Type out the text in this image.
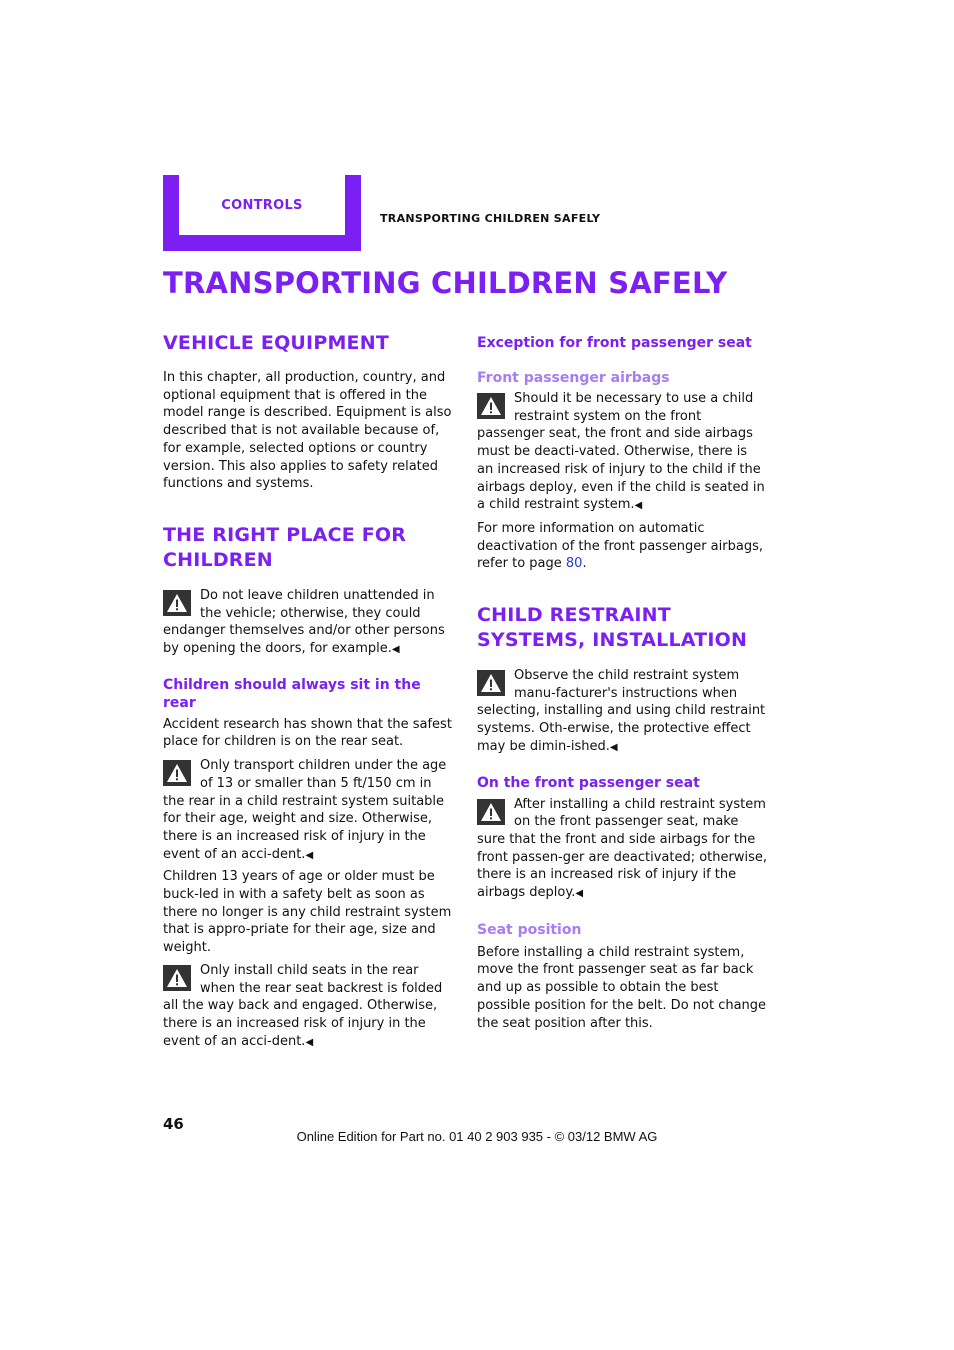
CONTROLS
TRANSPORTING CHILDREN SAFELY
TRANSPORTING CHILDREN SAFELY
VEHICLE EQUIPMENT

In this chapter, all production, country, and optional equipment that is offered in the model range is described. Equipment is also described that is not available because of, for example, selected options or country version. This also applies to safety related functions and systems.

THE RIGHT PLACE FOR CHILDREN

Do not leave children unattended in the vehicle; otherwise, they could endanger themselves and/or other persons by opening the doors, for example.◀

Children should always sit in the rear

Accident research has shown that the safest place for children is on the rear seat.

Only transport children under the age of 13 or smaller than 5 ft/150 cm in the rear in a child restraint system suitable for their age, weight and size. Otherwise, there is an increased risk of injury in the event of an acci-dent.◀

Children 13 years of age or older must be buck-led in with a safety belt as soon as there no longer is any child restraint system that is appro-priate for their age, size and weight.

Only install child seats in the rear when the rear seat backrest is folded all the way back and engaged. Otherwise, there is an increased risk of injury in the event of an acci-dent.◀

Exception for front passenger seat
Front passenger airbags

Should it be necessary to use a child restraint system on the front passenger seat, the front and side airbags must be deacti-vated. Otherwise, there is an increased risk of injury to the child if the airbags deploy, even if the child is seated in a child restraint system.◀

For more information on automatic deactivation of the front passenger airbags, refer to page 80.

CHILD RESTRAINT SYSTEMS, INSTALLATION

Observe the child restraint system manu-facturer's instructions when selecting, installing and using child restraint systems. Oth-erwise, the protective effect may be dimin-ished.◀

On the front passenger seat

After installing a child restraint system on the front passenger seat, make sure that the front and side airbags for the front passen-ger are deactivated; otherwise, there is an increased risk of injury if the airbags deploy.◀

Seat position

Before installing a child restraint system, move the front passenger seat as far back and up as possible to obtain the best possible position for the belt. Do not change the seat position after this.

46

Online Edition for Part no. 01 40 2 903 935 - © 03/12 BMW AG
